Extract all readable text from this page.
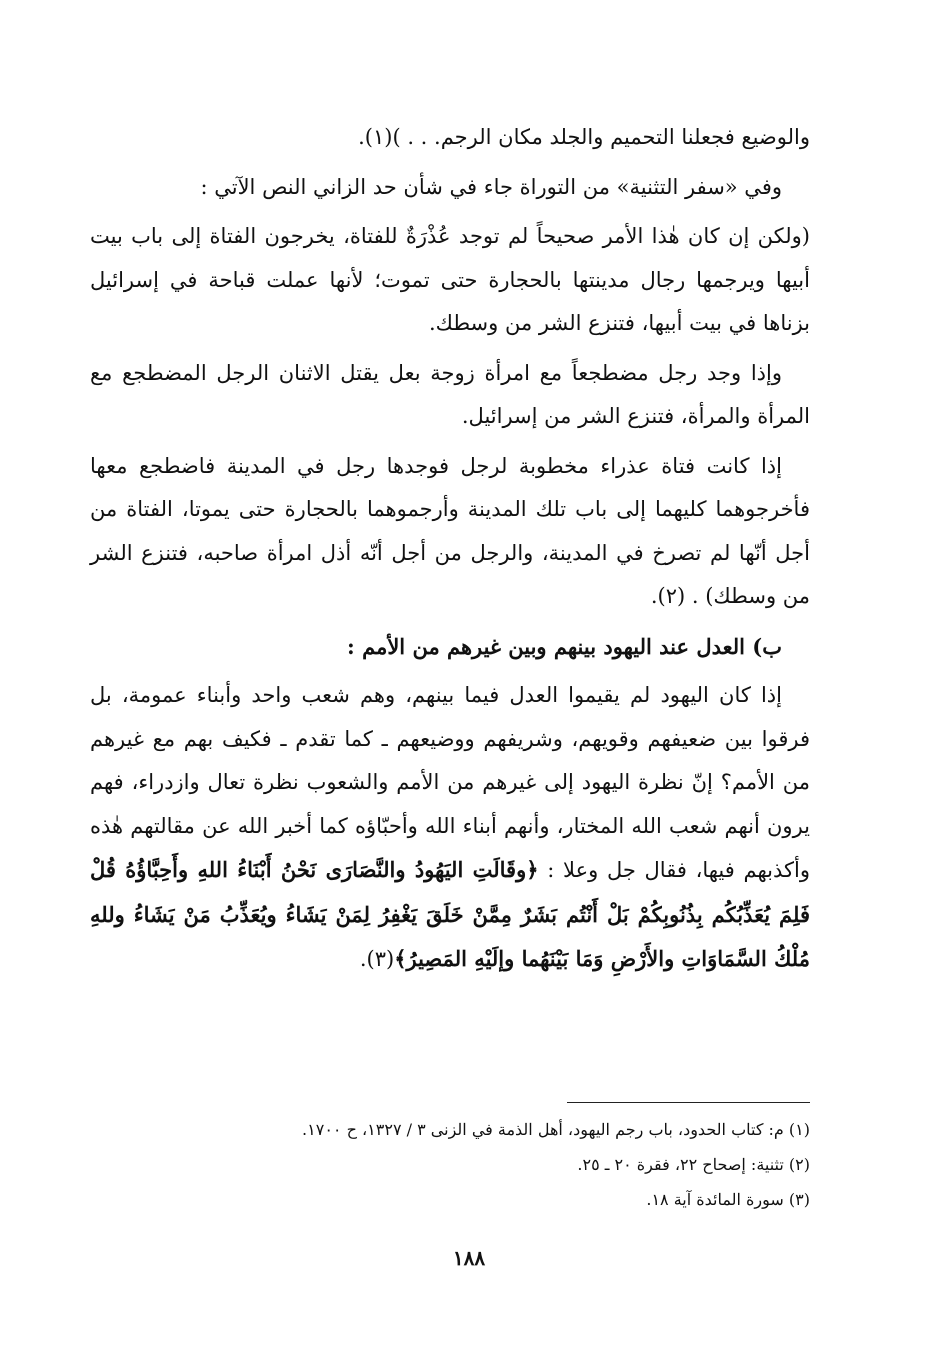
والوضيع فجعلنا التحميم والجلد مكان الرجم. . . )(١).

وفي «سفر التثنية» من التوراة جاء في شأن حد الزاني النص الآتي :

(ولكن إن كان هٰذا الأمر صحيحاً لم توجد عُذْرَةٌ للفتاة، يخرجون الفتاة إلى باب بيت أبيها ويرجمها رجال مدينتها بالحجارة حتى تموت؛ لأنها عملت قباحة في إسرائيل بزناها في بيت أبيها، فتنزع الشر من وسطك.

وإذا وجد رجل مضطجعاً مع امرأة زوجة بعل يقتل الاثنان الرجل المضطجع مع المرأة والمرأة، فتنزع الشر من إسرائيل.

إذا كانت فتاة عذراء مخطوبة لرجل فوجدها رجل في المدينة فاضطجع معها فأخرجوهما كليهما إلى باب تلك المدينة وأرجموهما بالحجارة حتى يموتا، الفتاة من أجل أنّها لم تصرخ في المدينة، والرجل من أجل أنّه أذل امرأة صاحبه، فتنزع الشر من وسطك) . (٢).

ب) العدل عند اليهود بينهم وبين غيرهم من الأمم :

إذا كان اليهود لم يقيموا العدل فيما بينهم، وهم شعب واحد وأبناء عمومة، بل فرقوا بين ضعيفهم وقويهم، وشريفهم ووضيعهم ـ كما تقدم ـ فكيف بهم مع غيرهم من الأمم؟ إنّ نظرة اليهود إلى غيرهم من الأمم والشعوب نظرة تعال وازدراء، فهم يرون أنهم شعب الله المختار، وأنهم أبناء الله وأحبّاؤه كما أخبر الله عن مقالتهم هٰذه وأكذبهم فيها، فقال جل وعلا : ﴿وقَالَتِ اليَهُودُ والنَّصَارَى نَحْنُ أَبْنَاءُ اللهِ وأَحِبَّاؤُهُ قُلْ فَلِمَ يُعَذِّبُكُم بِذُنُوبِكُمْ بَلْ أَنْتُم بَشَرٌ مِمَّنْ خَلَقَ يَغْفِرُ لِمَنْ يَشَاءُ ويُعَذِّبُ مَنْ يَشَاءُ وللهِ مُلْكُ السَّمَاوَاتِ والأَرْضِ وَمَا بَيْنَهُما وإلَيْهِ المَصِيرُ﴾(٣).

(١) م: كتاب الحدود، باب رجم اليهود، أهل الذمة في الزنى ٣ / ١٣٢٧، ح ١٧٠٠.

(٢) تثنية: إصحاح ٢٢، فقرة ٢٠ ـ ٢٥.

(٣) سورة المائدة آية ١٨.

١٨٨
